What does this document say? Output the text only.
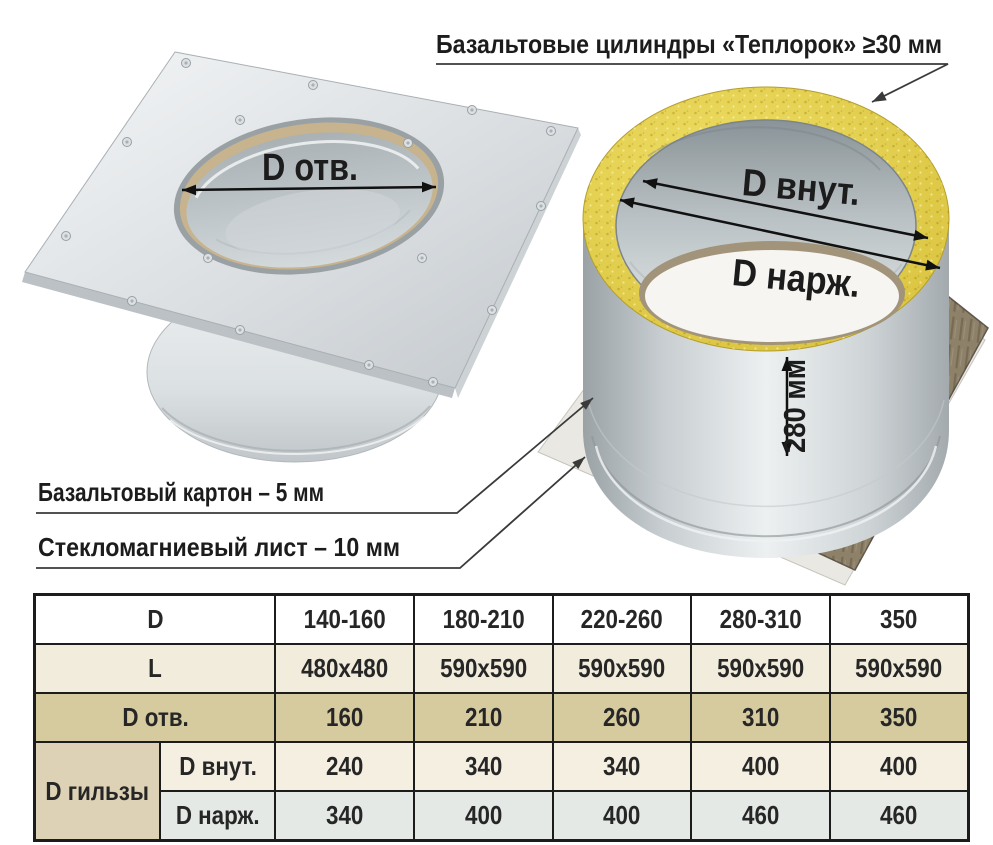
D отв.	D внут.
D нарж.
280 мм
Базальтовые цилиндры «Теплорок» ≥30 мм
Базальтовый картон – 5 мм
Стекломагниевый лист – 10 мм
D		140-160	180-210	220-260	280-310	350
L		480x480	590x590	590x590	590x590	590x590
D отв.		160	210	260	310	350
D гильзы	D внут.	240	340	340	400	400
	D нарж.	340	400	400	460	460
